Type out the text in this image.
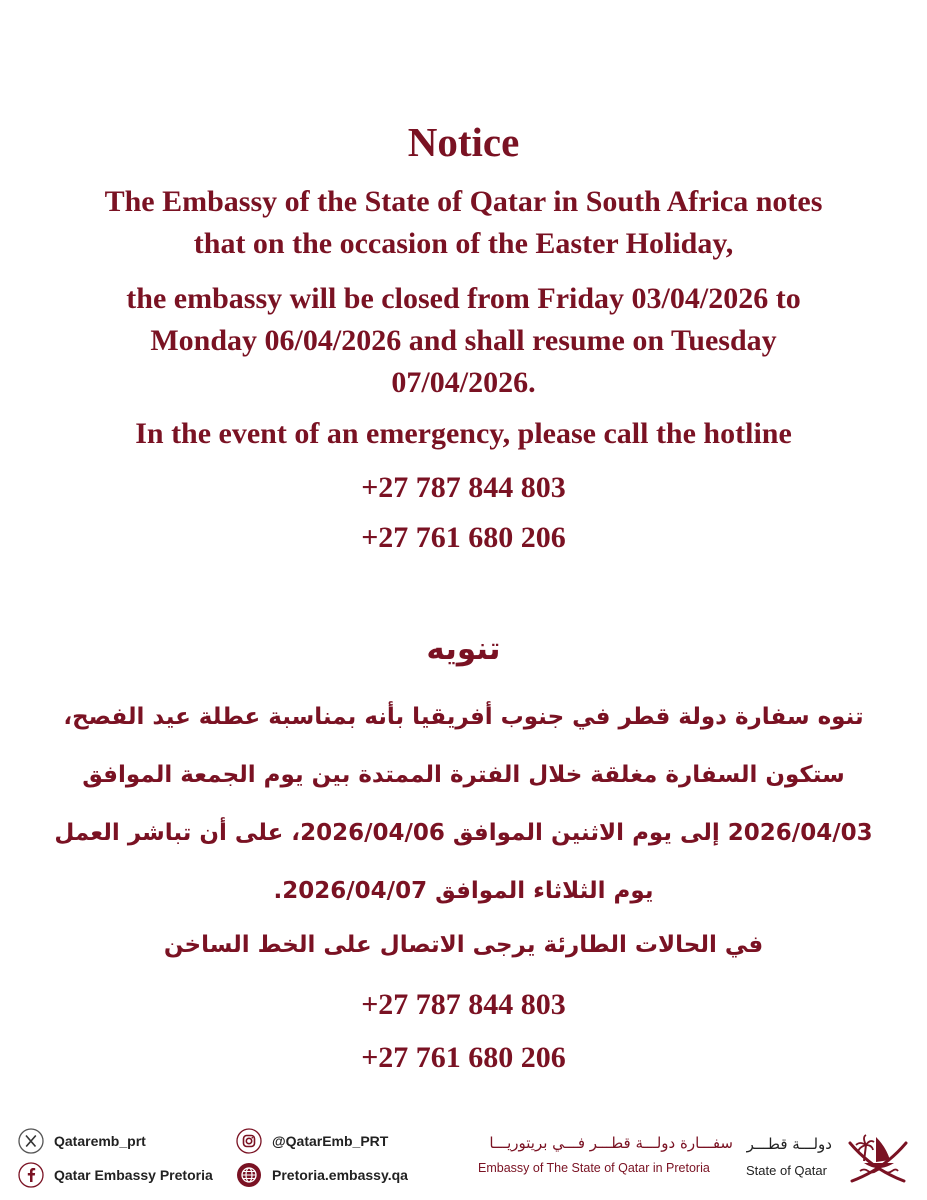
Notice

The Embassy of the State of Qatar in South Africa notes
that on the occasion of the Easter Holiday,

the embassy will be closed from Friday 03/04/2026 to
Monday 06/04/2026 and shall resume on Tuesday
07/04/2026.

In the event of an emergency, please call the hotline

+27 787 844 803

+27 761 680 206

تنويه

تنوه سفارة دولة قطر في جنوب أفريقيا بأنه بمناسبة عطلة عيد الفصح،
ستكون السفارة مغلقة خلال الفترة الممتدة بين يوم الجمعة الموافق
2026/04/03 إلى يوم الاثنين الموافق 2026/04/06، على أن تباشر العمل
يوم الثلاثاء الموافق 2026/04/07.

في الحالات الطارئة يرجى الاتصال على الخط الساخن

+27 787 844 803

+27 761 680 206

Qataremb_prt
Qatar Embassy Pretoria
@QatarEmb_PRT
Pretoria.embassy.qa
سفـــارة دولـــة قطـــر فـــي بريتوريـــا
Embassy of The State of Qatar in Pretoria
دولـــة قطـــر
State of Qatar
